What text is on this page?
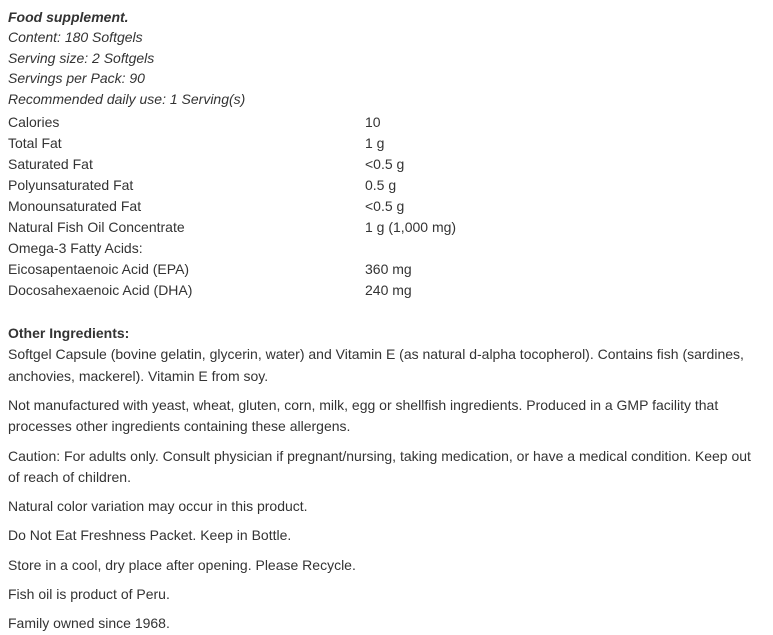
Food supplement.
Content: 180 Softgels
Serving size: 2 Softgels
Servings per Pack: 90
Recommended daily use: 1 Serving(s)
Calories	10
Total Fat	1 g
Saturated Fat	<0.5 g
Polyunsaturated Fat	0.5 g
Monounsaturated Fat	<0.5 g
Natural Fish Oil Concentrate	1 g (1,000 mg)
Omega-3 Fatty Acids:
Eicosapentaenoic Acid (EPA)	360 mg
Docosahexaenoic Acid (DHA)	240 mg
Other Ingredients:

Softgel Capsule (bovine gelatin, glycerin, water) and Vitamin E (as natural d-alpha tocopherol). Contains fish (sardines, anchovies, mackerel). Vitamin E from soy.

Not manufactured with yeast, wheat, gluten, corn, milk, egg or shellfish ingredients. Produced in a GMP facility that processes other ingredients containing these allergens.

Caution: For adults only. Consult physician if pregnant/nursing, taking medication, or have a medical condition. Keep out of reach of children.

Natural color variation may occur in this product.

Do Not Eat Freshness Packet. Keep in Bottle.

Store in a cool, dry place after opening. Please Recycle.

Fish oil is product of Peru.

Family owned since 1968.
